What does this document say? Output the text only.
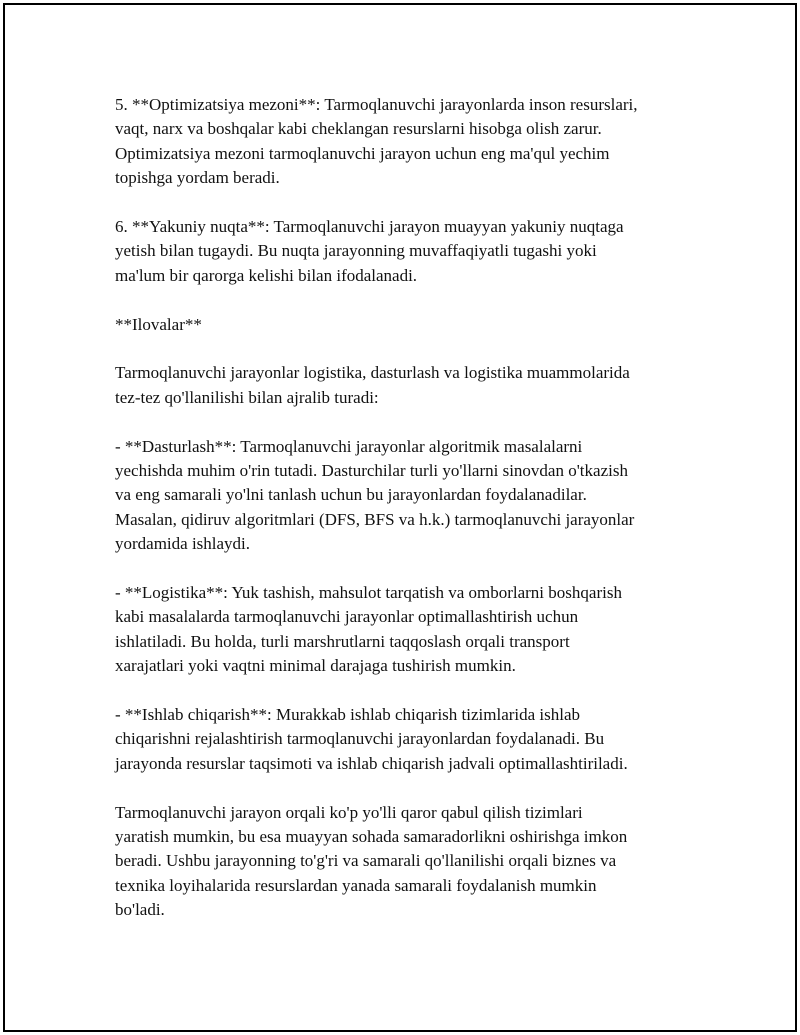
5. **Optimizatsiya mezoni**: Tarmoqlanuvchi jarayonlarda inson resurslari,
vaqt, narx va boshqalar kabi cheklangan resurslarni hisobga olish zarur.
Optimizatsiya mezoni tarmoqlanuvchi jarayon uchun eng ma'qul yechim
topishga yordam beradi.
6. **Yakuniy nuqta**: Tarmoqlanuvchi jarayon muayyan yakuniy nuqtaga
yetish bilan tugaydi. Bu nuqta jarayonning muvaffaqiyatli tugashi yoki
ma'lum bir qarorga kelishi bilan ifodalanadi.
**Ilovalar**
Tarmoqlanuvchi jarayonlar logistika, dasturlash va logistika muammolarida
tez-tez qo'llanilishi bilan ajralib turadi:
- **Dasturlash**: Tarmoqlanuvchi jarayonlar algoritmik masalalarni
yechishda muhim o'rin tutadi. Dasturchilar turli yo'llarni sinovdan o'tkazish
va eng samarali yo'lni tanlash uchun bu jarayonlardan foydalanadilar.
Masalan, qidiruv algoritmlari (DFS, BFS va h.k.) tarmoqlanuvchi jarayonlar
yordamida ishlaydi.
- **Logistika**: Yuk tashish, mahsulot tarqatish va omborlarni boshqarish
kabi masalalarda tarmoqlanuvchi jarayonlar optimallashtirish uchun
ishlatiladi. Bu holda, turli marshrutlarni taqqoslash orqali transport
xarajatlari yoki vaqtni minimal darajaga tushirish mumkin.
- **Ishlab chiqarish**: Murakkab ishlab chiqarish tizimlarida ishlab
chiqarishni rejalashtirish tarmoqlanuvchi jarayonlardan foydalanadi. Bu
jarayonda resurslar taqsimoti va ishlab chiqarish jadvali optimallashtiriladi.
Tarmoqlanuvchi jarayon orqali ko'p yo'lli qaror qabul qilish tizimlari
yaratish mumkin, bu esa muayyan sohada samaradorlikni oshirishga imkon
beradi. Ushbu jarayonning to'g'ri va samarali qo'llanilishi orqali biznes va
texnika loyihalarida resurslardan yanada samarali foydalanish mumkin
bo'ladi.
